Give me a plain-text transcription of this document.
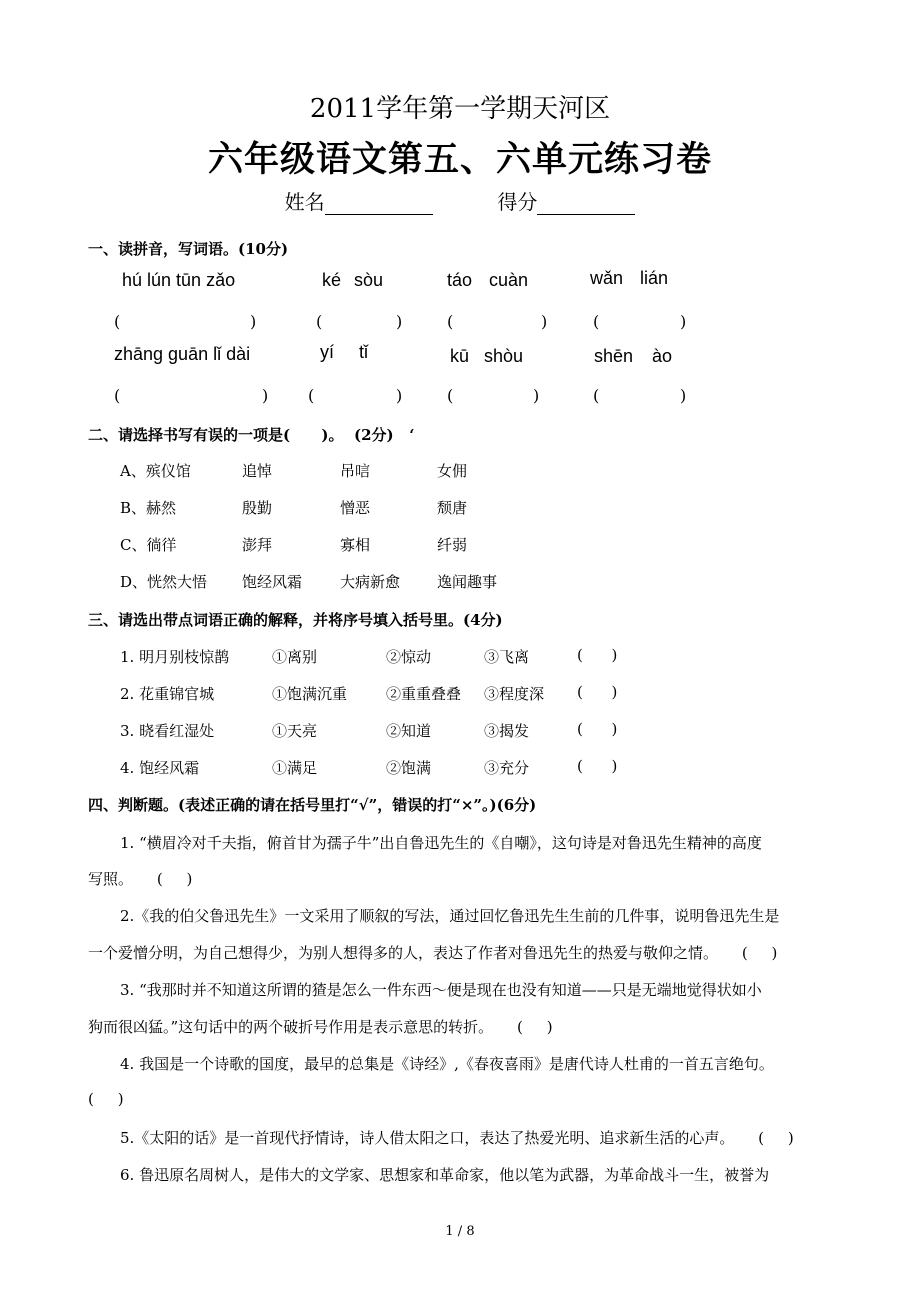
2011学年第一学期天河区
六年级语文第五、六单元练习卷
姓名	得分
一、读拼音，写词语。(10分)
hú lún tūn zǎo	ké sòu	táo cuàn	wǎn lián
(	)	(	)	(	)	(	)
zhāng guān lǐ dài	yí tǐ	kū shòu	shēn ào
(	) (	)	(	)	(	)
二、请选择书写有误的一项是(      )。  (2分)   ‘
A、殡仪馆	追悼	吊唁	女佣
B、赫然	殷勤	憎恶	颓唐
C、徜徉	澎拜	寡相	纤弱
D、恍然大悟 饱经风霜	大病新愈 逸闻趣事
三、请选出带点词语正确的解释，并将序号填入括号里。(4分)
1. 明月别枝惊鹊	①离别	②惊动	③飞离	(      )
2. 花重锦官城	①饱满沉重	②重重叠叠 ③程度深 (      )
3. 晓看红湿处	①天亮	②知道	③揭发	(      )
4. 饱经风霜	①满足	②饱满	③充分	(      )
四、判断题。(表述正确的请在括号里打“√”，错误的打“×”。)(6分)
1. “横眉冷对千夫指，俯首甘为孺子牛”出自鲁迅先生的《自嘲》，这句诗是对鲁迅先生精神的高度
写照。     (     )
2.《我的伯父鲁迅先生》一文采用了顺叙的写法，通过回忆鲁迅先生生前的几件事，说明鲁迅先生是
一个爱憎分明，为自己想得少，为别人想得多的人，表达了作者对鲁迅先生的热爱与敬仰之情。     (     )
3. “我那时并不知道这所谓的猹是怎么一件东西～便是现在也没有知道——只是无端地觉得状如小
狗而很凶猛。”这句话中的两个破折号作用是表示意思的转折。     (     )
4. 我国是一个诗歌的国度，最早的总集是《诗经》,《春夜喜雨》是唐代诗人杜甫的一首五言绝句。
(     )
5.《太阳的话》是一首现代抒情诗，诗人借太阳之口，表达了热爱光明、追求新生活的心声。     (     )
6. 鲁迅原名周树人，是伟大的文学家、思想家和革命家，他以笔为武器，为革命战斗一生，被誉为
1 / 8
